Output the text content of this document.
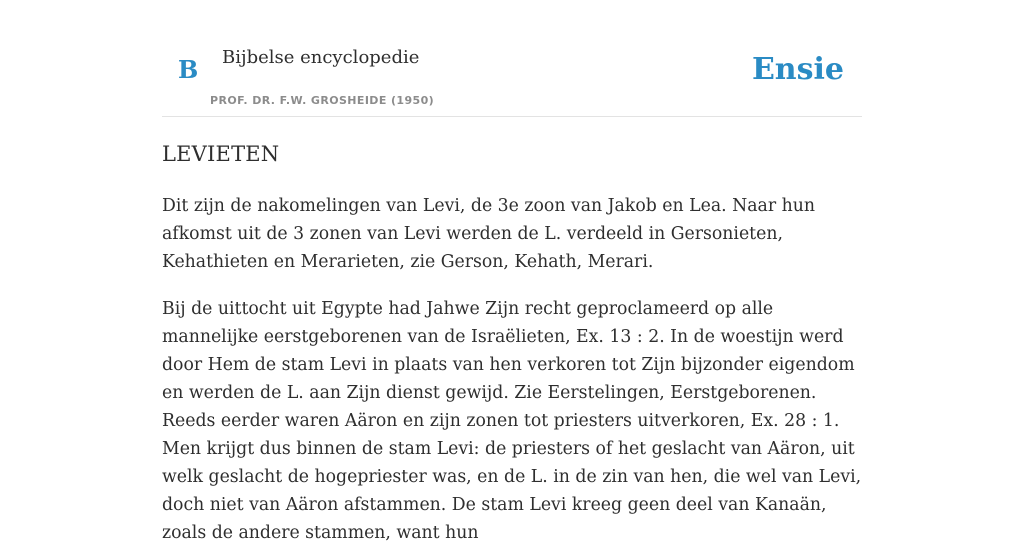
B Bijbelse encyclopedie
PROF. DR. F.W. GROSHEIDE (1950)
Ensie
LEVIETEN

Dit zijn de nakomelingen van Levi, de 3e zoon van Jakob en Lea. Naar hun afkomst uit de 3 zonen van Levi werden de L. verdeeld in Gersonieten, Kehathieten en Merarieten, zie Gerson, Kehath, Merari.

Bij de uittocht uit Egypte had Jahwe Zijn recht geproclameerd op alle mannelijke eerstgeborenen van de Israëlieten, Ex. 13 : 2. In de woestijn werd door Hem de stam Levi in plaats van hen verkoren tot Zijn bijzonder eigendom en werden de L. aan Zijn dienst gewijd. Zie Eerstelingen, Eerstgeborenen. Reeds eerder waren Aäron en zijn zonen tot priesters uitverkoren, Ex. 28 : 1. Men krijgt dus binnen de stam Levi: de priesters of het geslacht van Aäron, uit welk geslacht de hogepriester was, en de L. in de zin van hen, die wel van Levi, doch niet van Aäron afstammen. De stam Levi kreeg geen deel van Kanaän, zoals de andere stammen, want hun
